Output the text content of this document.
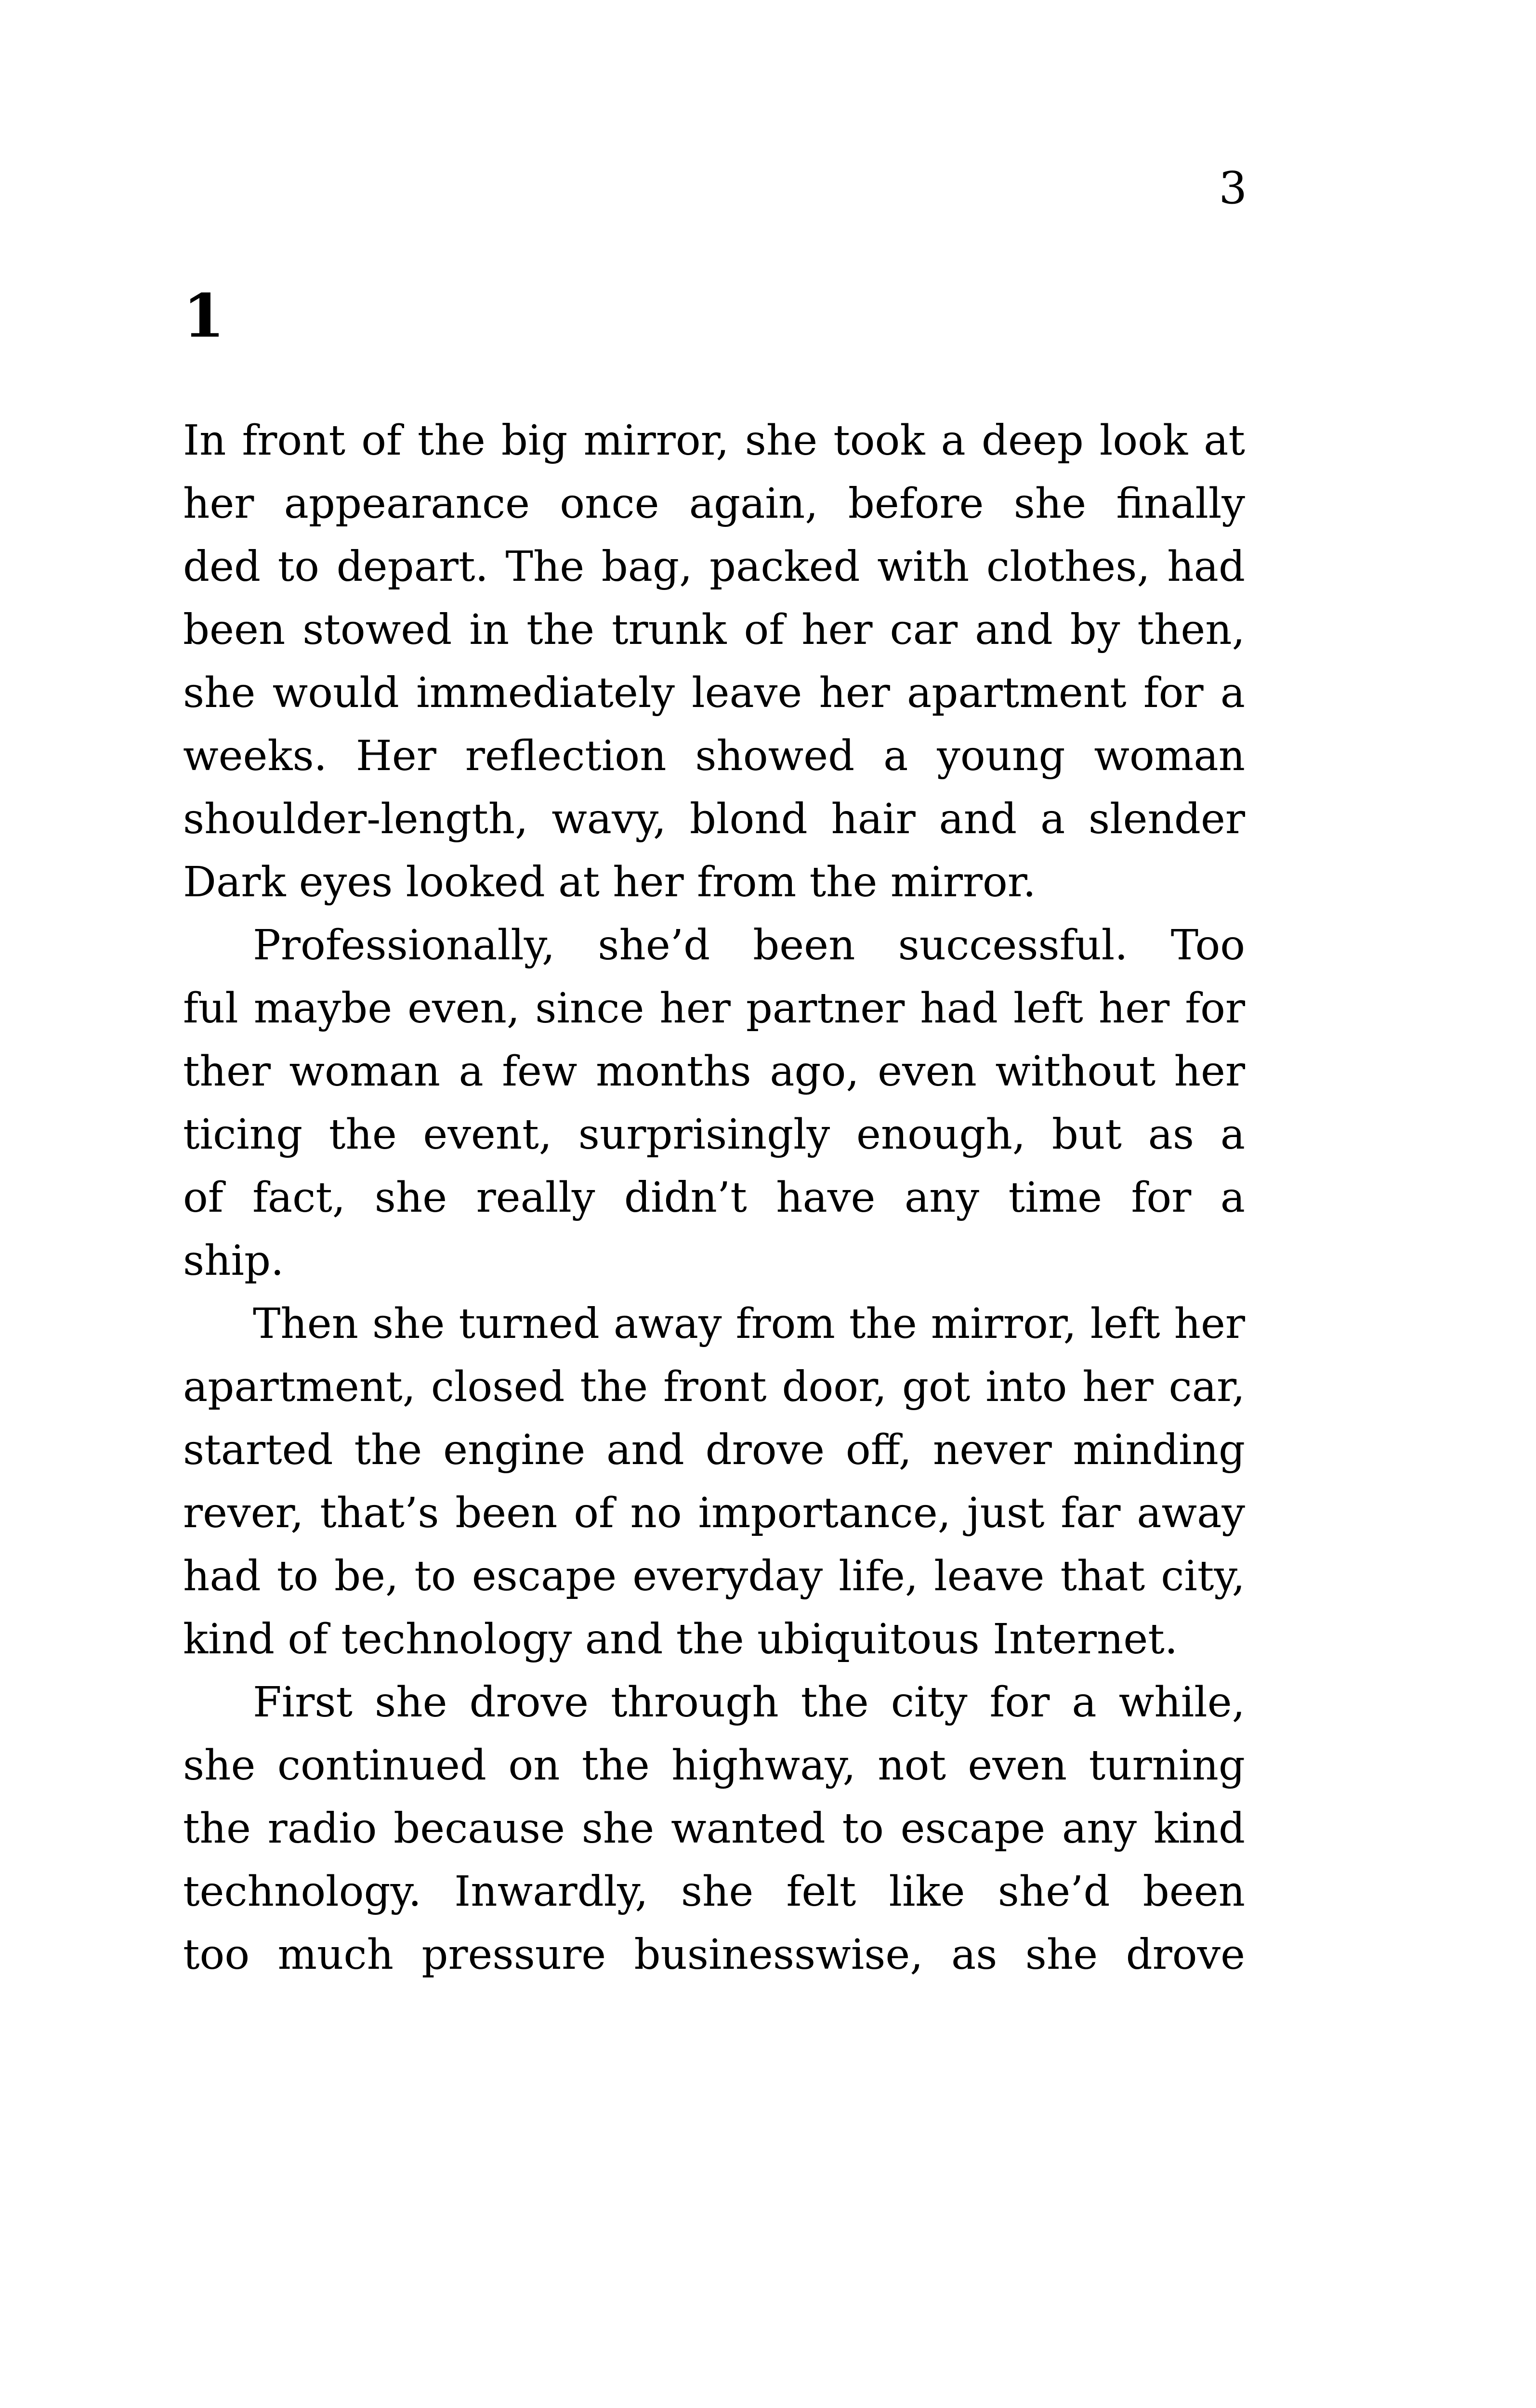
3
1
In front of the big mirror, she took a deep look at
her appearance once again, before she finally
ded to depart. The bag, packed with clothes, had
been stowed in the trunk of her car and by then,
she would immediately leave her apartment for a
weeks. Her reflection showed a young woman
shoulder-length, wavy, blond hair and a slender
Dark eyes looked at her from the mirror.
Professionally, she’d been successful. Too
ful maybe even, since her partner had left her for
ther woman a few months ago, even without her
ticing the event, surprisingly enough, but as a
of fact, she really didn’t have any time for a
ship.
Then she turned away from the mirror, left her
apartment, closed the front door, got into her car,
started the engine and drove off, never minding
rever, that’s been of no importance, just far away
had to be, to escape everyday life, leave that city,
kind of technology and the ubiquitous Internet.
First she drove through the city for a while,
she continued on the highway, not even turning
the radio because she wanted to escape any kind
technology. Inwardly, she felt like she’d been
too much pressure businesswise, as she drove
